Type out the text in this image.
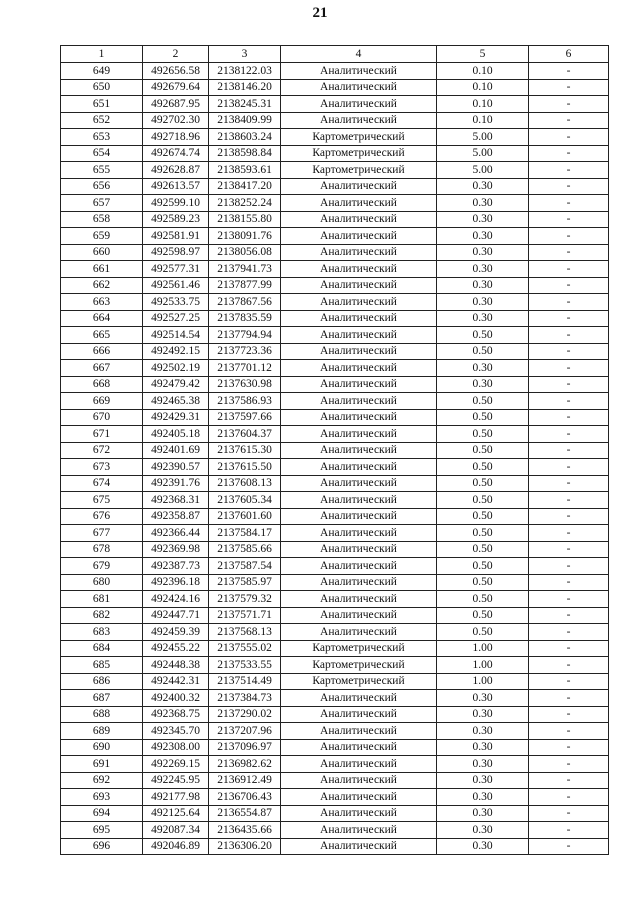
21
1	2	3	4	5	6
649	492656.58	2138122.03	Аналитический	0.10	-
650	492679.64	2138146.20	Аналитический	0.10	-
651	492687.95	2138245.31	Аналитический	0.10	-
652	492702.30	2138409.99	Аналитический	0.10	-
653	492718.96	2138603.24	Картометрический	5.00	-
654	492674.74	2138598.84	Картометрический	5.00	-
655	492628.87	2138593.61	Картометрический	5.00	-
656	492613.57	2138417.20	Аналитический	0.30	-
657	492599.10	2138252.24	Аналитический	0.30	-
658	492589.23	2138155.80	Аналитический	0.30	-
659	492581.91	2138091.76	Аналитический	0.30	-
660	492598.97	2138056.08	Аналитический	0.30	-
661	492577.31	2137941.73	Аналитический	0.30	-
662	492561.46	2137877.99	Аналитический	0.30	-
663	492533.75	2137867.56	Аналитический	0.30	-
664	492527.25	2137835.59	Аналитический	0.30	-
665	492514.54	2137794.94	Аналитический	0.50	-
666	492492.15	2137723.36	Аналитический	0.50	-
667	492502.19	2137701.12	Аналитический	0.30	-
668	492479.42	2137630.98	Аналитический	0.30	-
669	492465.38	2137586.93	Аналитический	0.50	-
670	492429.31	2137597.66	Аналитический	0.50	-
671	492405.18	2137604.37	Аналитический	0.50	-
672	492401.69	2137615.30	Аналитический	0.50	-
673	492390.57	2137615.50	Аналитический	0.50	-
674	492391.76	2137608.13	Аналитический	0.50	-
675	492368.31	2137605.34	Аналитический	0.50	-
676	492358.87	2137601.60	Аналитический	0.50	-
677	492366.44	2137584.17	Аналитический	0.50	-
678	492369.98	2137585.66	Аналитический	0.50	-
679	492387.73	2137587.54	Аналитический	0.50	-
680	492396.18	2137585.97	Аналитический	0.50	-
681	492424.16	2137579.32	Аналитический	0.50	-
682	492447.71	2137571.71	Аналитический	0.50	-
683	492459.39	2137568.13	Аналитический	0.50	-
684	492455.22	2137555.02	Картометрический	1.00	-
685	492448.38	2137533.55	Картометрический	1.00	-
686	492442.31	2137514.49	Картометрический	1.00	-
687	492400.32	2137384.73	Аналитический	0.30	-
688	492368.75	2137290.02	Аналитический	0.30	-
689	492345.70	2137207.96	Аналитический	0.30	-
690	492308.00	2137096.97	Аналитический	0.30	-
691	492269.15	2136982.62	Аналитический	0.30	-
692	492245.95	2136912.49	Аналитический	0.30	-
693	492177.98	2136706.43	Аналитический	0.30	-
694	492125.64	2136554.87	Аналитический	0.30	-
695	492087.34	2136435.66	Аналитический	0.30	-
696	492046.89	2136306.20	Аналитический	0.30	-
